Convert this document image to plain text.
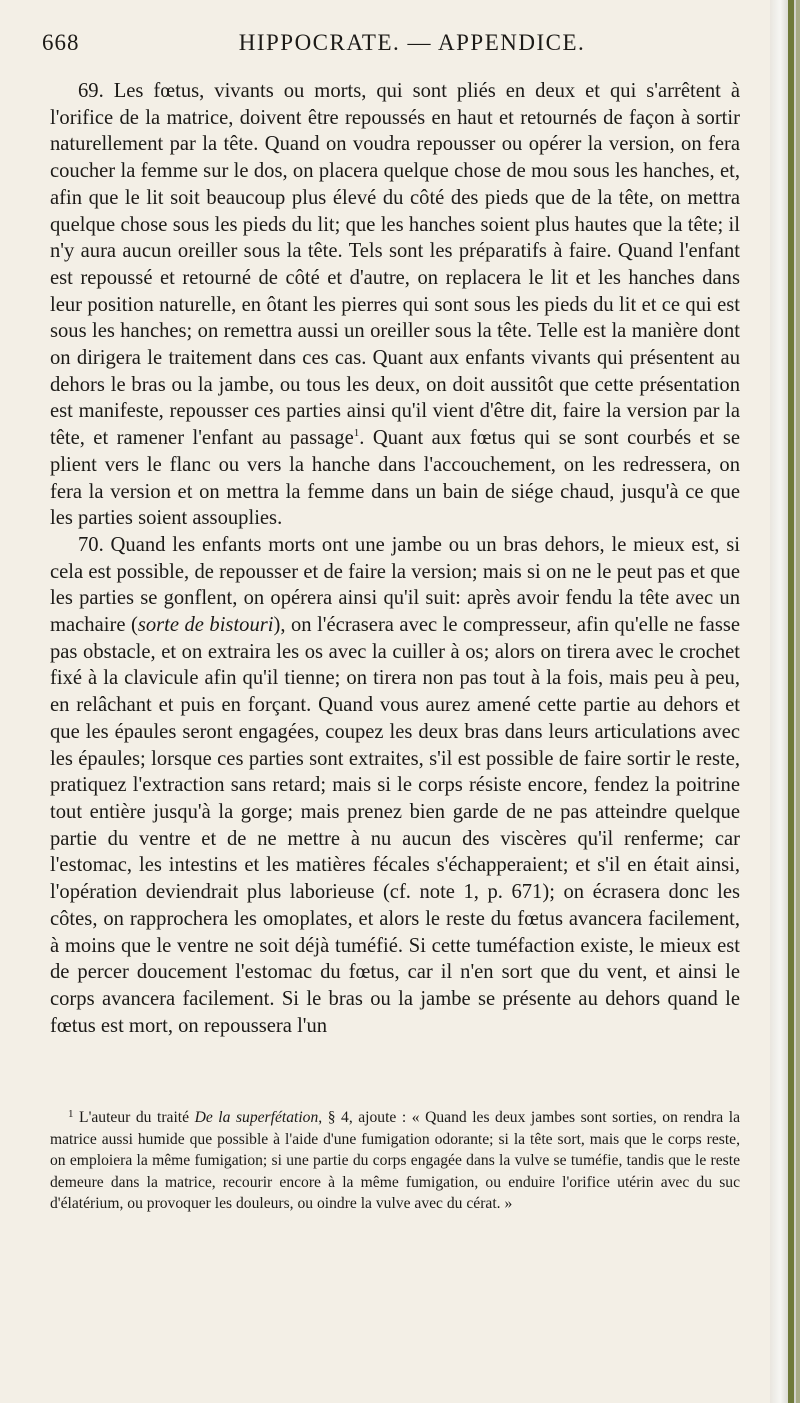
668	HIPPOCRATE. — APPENDICE.

69. Les fœtus, vivants ou morts, qui sont pliés en deux et qui s'arrêtent à l'orifice de la matrice, doivent être repoussés en haut et retournés de façon à sortir naturellement par la tête. Quand on voudra repousser ou opérer la version, on fera coucher la femme sur le dos, on placera quelque chose de mou sous les hanches, et, afin que le lit soit beaucoup plus élevé du côté des pieds que de la tête, on mettra quelque chose sous les pieds du lit; que les hanches soient plus hautes que la tête; il n'y aura aucun oreiller sous la tête. Tels sont les préparatifs à faire. Quand l'enfant est repoussé et retourné de côté et d'autre, on replacera le lit et les hanches dans leur position naturelle, en ôtant les pierres qui sont sous les pieds du lit et ce qui est sous les hanches; on remettra aussi un oreiller sous la tête. Telle est la manière dont on dirigera le traitement dans ces cas. Quant aux enfants vivants qui présentent au dehors le bras ou la jambe, ou tous les deux, on doit aussitôt que cette présentation est manifeste, repousser ces parties ainsi qu'il vient d'être dit, faire la version par la tête, et ramener l'enfant au passage$^1$. Quant aux fœtus qui se sont courbés et se plient vers le flanc ou vers la hanche dans l'accouchement, on les redressera, on fera la version et on mettra la femme dans un bain de siége chaud, jusqu'à ce que les parties soient assouplies.

70. Quand les enfants morts ont une jambe ou un bras dehors, le mieux est, si cela est possible, de repousser et de faire la version; mais si on ne le peut pas et que les parties se gonflent, on opérera ainsi qu'il suit: après avoir fendu la tête avec un machaire (sorte de bistouri), on l'écrasera avec le compresseur, afin qu'elle ne fasse pas obstacle, et on extraira les os avec la cuiller à os; alors on tirera avec le crochet fixé à la clavicule afin qu'il tienne; on tirera non pas tout à la fois, mais peu à peu, en relâchant et puis en forçant. Quand vous aurez amené cette partie au dehors et que les épaules seront engagées, coupez les deux bras dans leurs articulations avec les épaules; lorsque ces parties sont extraites, s'il est possible de faire sortir le reste, pratiquez l'extraction sans retard; mais si le corps résiste encore, fendez la poitrine tout entière jusqu'à la gorge; mais prenez bien garde de ne pas atteindre quelque partie du ventre et de ne mettre à nu aucun des viscères qu'il renferme; car l'estomac, les intestins et les matières fécales s'échapperaient; et s'il en était ainsi, l'opération deviendrait plus laborieuse (cf. note 1, p. 671); on écrasera donc les côtes, on rapprochera les omoplates, et alors le reste du fœtus avancera facilement, à moins que le ventre ne soit déjà tuméfié. Si cette tuméfaction existe, le mieux est de percer doucement l'estomac du fœtus, car il n'en sort que du vent, et ainsi le corps avancera facilement. Si le bras ou la jambe se présente au dehors quand le fœtus est mort, on repoussera l'un

$^1$ L'auteur du traité De la superfétation, § 4, ajoute : « Quand les deux jambes sont sorties, on rendra la matrice aussi humide que possible à l'aide d'une fumigation odorante; si la tête sort, mais que le corps reste, on emploiera la même fumigation; si une partie du corps engagée dans la vulve se tuméfie, tandis que le reste demeure dans la matrice, recourir encore à la même fumigation, ou enduire l'orifice utérin avec du suc d'élatérium, ou provoquer les douleurs, ou oindre la vulve avec du cérat. »
